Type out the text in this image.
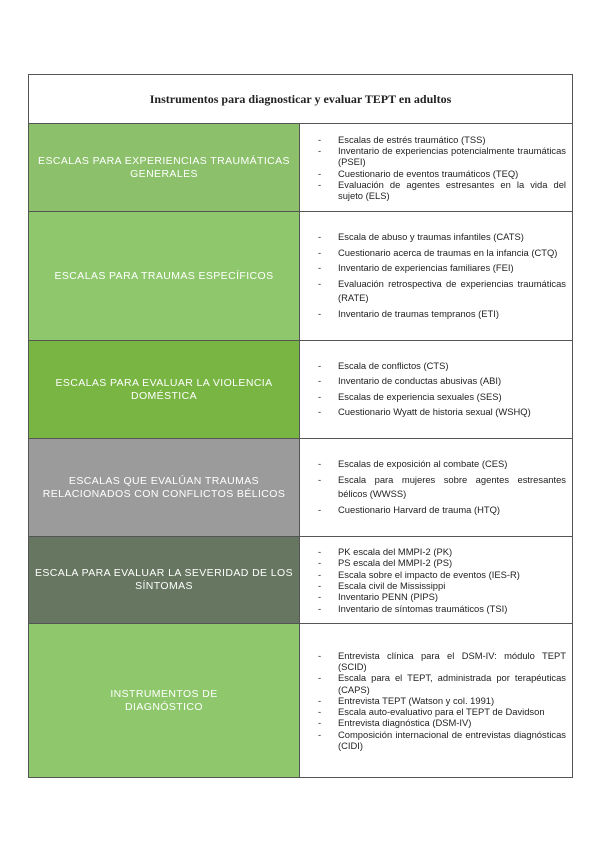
Instrumentos para diagnosticar y evaluar TEPT en adultos
ESCALAS PARA EXPERIENCIAS TRAUMÁTICAS GENERALES
- Escalas de estrés traumático (TSS)
- Inventario de experiencias potencialmente traumáticas (PSEI)
- Cuestionario de eventos traumáticos (TEQ)
- Evaluación de agentes estresantes en la vida del sujeto (ELS)
ESCALAS PARA TRAUMAS ESPECÍFICOS
- Escala de abuso y traumas infantiles (CATS)
- Cuestionario acerca de traumas en la infancia (CTQ)
- Inventario de experiencias familiares (FEI)
- Evaluación retrospectiva de experiencias traumáticas (RATE)
- Inventario de traumas tempranos (ETI)
ESCALAS PARA EVALUAR LA VIOLENCIA DOMÉSTICA
- Escala de conflictos (CTS)
- Inventario de conductas abusivas (ABI)
- Escalas de experiencia sexuales (SES)
- Cuestionario Wyatt de historia sexual (WSHQ)
ESCALAS QUE EVALÚAN TRAUMAS RELACIONADOS CON CONFLICTOS BÉLICOS
- Escalas de exposición al combate (CES)
- Escala para mujeres sobre agentes estresantes bélicos (WWSS)
- Cuestionario Harvard de trauma (HTQ)
ESCALA PARA EVALUAR LA SEVERIDAD DE LOS SÍNTOMAS
- PK escala del MMPI-2 (PK)
- PS escala del MMPI-2 (PS)
- Escala sobre el impacto de eventos (IES-R)
- Escala civil de Mississippi
- Inventario PENN (PIPS)
- Inventario de síntomas traumáticos (TSI)
INSTRUMENTOS DE DIAGNÓSTICO
- Entrevista clínica para el DSM-IV: módulo TEPT (SCID)
- Escala para el TEPT, administrada por terapéuticas (CAPS)
- Entrevista TEPT (Watson y col. 1991)
- Escala auto-evaluativo para el TEPT de Davidson
- Entrevista diagnóstica (DSM-IV)
- Composición internacional de entrevistas diagnósticas (CIDI)
